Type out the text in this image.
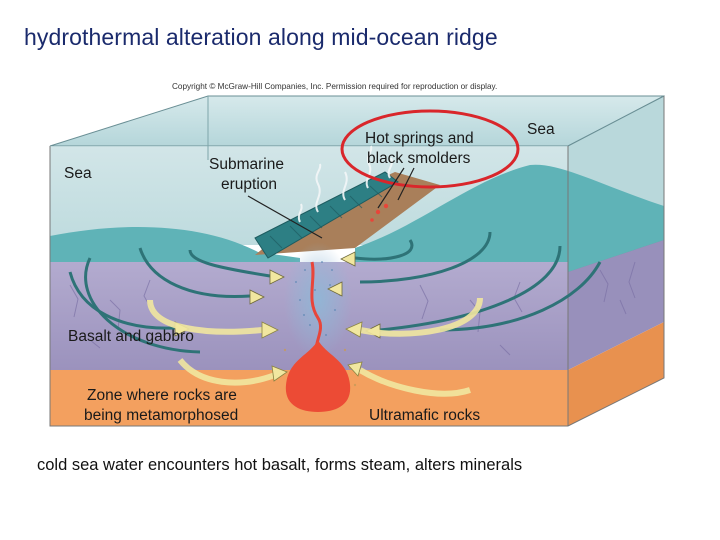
hydrothermal alteration along mid-ocean ridge
Copyright © McGraw-Hill Companies, Inc. Permission required for reproduction or display.
Sea
Sea
Submarine
eruption
Hot springs and
black smolders
Basalt and gabbro
Zone where rocks are
being metamorphosed	Ultramafic rocks
cold sea water encounters hot basalt, forms steam, alters minerals
